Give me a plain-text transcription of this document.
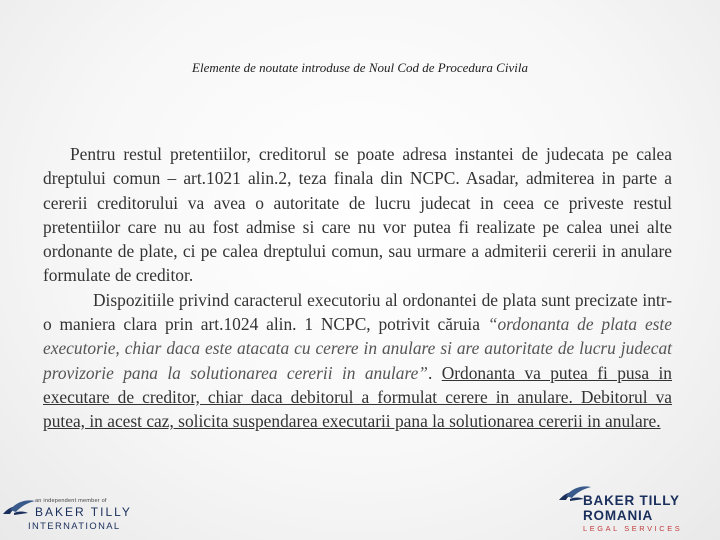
Elemente de noutate introduse de Noul Cod de Procedura Civila

Pentru restul pretentiilor, creditorul se poate adresa instantei de judecata pe calea dreptului comun – art.1021 alin.2, teza finala din NCPC. Asadar, admiterea in parte a cererii creditorului va avea o autoritate de lucru judecat in ceea ce priveste restul pretentiilor care nu au fost admise si care nu vor putea fi realizate pe calea unei alte ordonante de plate, ci pe calea dreptului comun, sau urmare a admiterii cererii in anulare formulate de creditor.

Dispozitiile privind caracterul executoriu al ordonantei de plata sunt precizate intr-o maniera clara prin art.1024 alin. 1 NCPC, potrivit căruia “ordonanta de plata este executorie, chiar daca este atacata cu cerere in anulare si are autoritate de lucru judecat provizorie pana la solutionarea cererii in anulare”. Ordonanta va putea fi pusa in executare de creditor, chiar daca debitorul a formulat cerere in anulare. Debitorul va putea, in acest caz, solicita suspendarea executarii pana la solutionarea cererii in anulare.

an independent member of
BAKER TILLY
INTERNATIONAL
BAKER TILLY
ROMANIA
LEGAL SERVICES
